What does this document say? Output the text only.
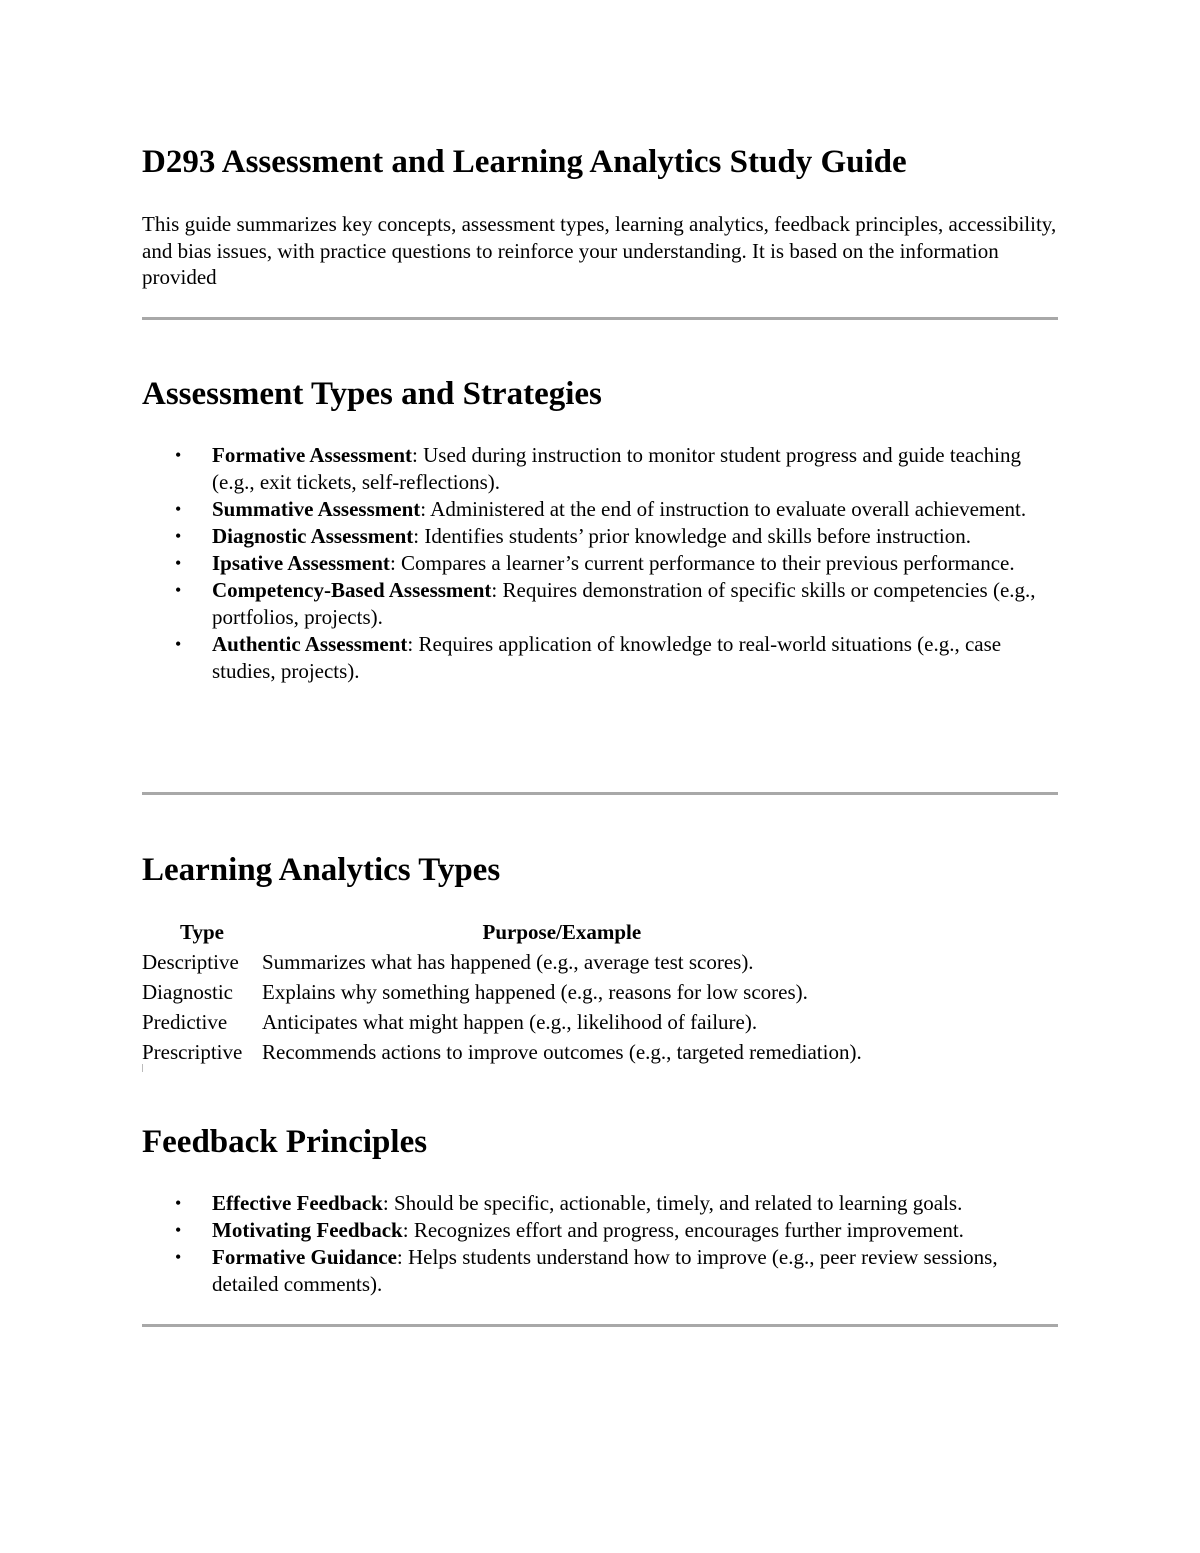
D293 Assessment and Learning Analytics Study Guide

This guide summarizes key concepts, assessment types, learning analytics, feedback principles, accessibility, and bias issues, with practice questions to reinforce your understanding. It is based on the information provided

Assessment Types and Strategies
• Formative Assessment: Used during instruction to monitor student progress and guide teaching (e.g., exit tickets, self-reflections).
• Summative Assessment: Administered at the end of instruction to evaluate overall achievement.
• Diagnostic Assessment: Identifies students’ prior knowledge and skills before instruction.
• Ipsative Assessment: Compares a learner’s current performance to their previous performance.
• Competency-Based Assessment: Requires demonstration of specific skills or competencies (e.g., portfolios, projects).
• Authentic Assessment: Requires application of knowledge to real-world situations (e.g., case studies, projects).
Learning Analytics Types
Type	Purpose/Example
Descriptive	Summarizes what has happened (e.g., average test scores).
Diagnostic	Explains why something happened (e.g., reasons for low scores).
Predictive	Anticipates what might happen (e.g., likelihood of failure).
Prescriptive	Recommends actions to improve outcomes (e.g., targeted remediation).
Feedback Principles
• Effective Feedback: Should be specific, actionable, timely, and related to learning goals.
• Motivating Feedback: Recognizes effort and progress, encourages further improvement.
• Formative Guidance: Helps students understand how to improve (e.g., peer review sessions, detailed comments).
